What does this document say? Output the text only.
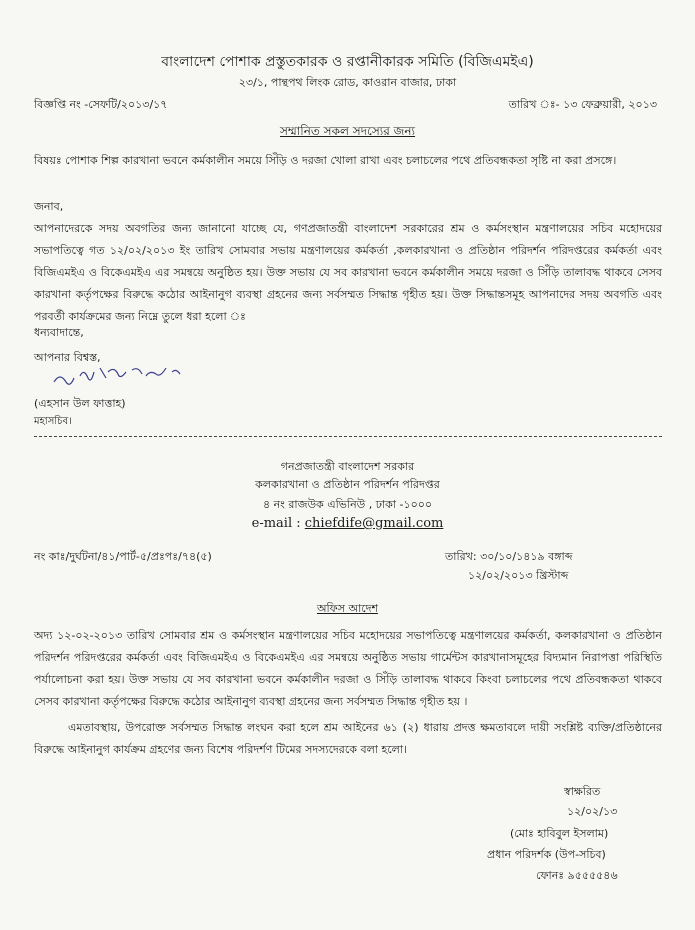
বাংলাদেশ পোশাক প্রস্তুতকারক ও রপ্তানীকারক সমিতি (বিজিএমইএ)
২৩/১, পান্থপথ লিংক রোড, কাওরান বাজার, ঢাকা
বিজ্ঞপ্তি নং -সেফটি/২০১৩/১৭	তারিখ ঃ- ১৩ ফেব্রুয়ারী, ২০১৩
সম্মানিত সকল সদস্যের জন্য
বিষয়ঃ পোশাক শিল্প কারখানা ভবনে কর্মকালীন সময়ে সিঁড়ি ও দরজা খোলা রাখা এবং চলাচলের পথে প্রতিবন্ধকতা সৃষ্টি না করা প্রসঙ্গে।
জনাব,
আপনাদেরকে সদয় অবগতির জন্য জানানো যাচ্ছে যে, গণপ্রজাতন্ত্রী বাংলাদেশ সরকারের শ্রম ও কর্মসংস্থান মন্ত্রণালয়ের সচিব মহোদয়ের সভাপতিত্বে গত ১২/০২/২০১৩ ইং তারিখ সোমবার সভায় মন্ত্রণালয়ের কর্মকর্তা ,কলকারখানা ও প্রতিষ্ঠান পরিদর্শন পরিদপ্তরের কর্মকর্তা এবং বিজিএমইএ ও বিকেএমইএ এর সমন্বয়ে অনুষ্ঠিত হয়। উক্ত সভায় যে সব কারখানা ভবনে কর্মকালীন সময়ে দরজা ও সিঁড়ি তালাবদ্ধ থাকবে সেসব কারখানা কর্তৃপক্ষের বিরুদ্ধে কঠোর আইনানুগ ব্যবস্থা গ্রহনের জন্য সর্বসম্মত সিদ্ধান্ত গৃহীত হয়। উক্ত সিদ্ধান্তসমূহ আপনাদের সদয় অবগতি এবং পরবর্তী কার্যক্রমের জন্য নিম্নে তুলে ধরা হলো ঃ
ধন্যবাদান্তে,
আপনার বিশ্বস্ত,
(এহসান উল ফাত্তাহ)
মহাসচিব।
গনপ্রজাতন্ত্রী বাংলাদেশ সরকার
কলকারখানা ও প্রতিষ্ঠান পরিদর্শন পরিদপ্তর
৪ নং রাজউক এভিনিউ , ঢাকা -১০০০
e-mail : chiefdife@gmail.com
নং কাঃ/দুর্ঘটনা/৪১/পার্ট-৫/প্রঃপঃ/৭৪(৫)	তারিখ: ৩০/১০/১৪১৯ বঙ্গাব্দ
১২/০২/২০১৩ খ্রিস্টাব্দ
অফিস আদেশ
অদ্য ১২-০২-২০১৩ তারিখ সোমবার শ্রম ও কর্মসংস্থান মন্ত্রণালয়ের সচিব মহোদয়ের সভাপতিত্বে মন্ত্রণালয়ের কর্মকর্তা, কলকারখানা ও প্রতিষ্ঠান পরিদর্শন পরিদপ্তরের কর্মকর্তা এবং বিজিএমইএ ও বিকেএমইএ এর সমন্বয়ে অনুষ্ঠিত সভায় গার্মেন্টস কারখানাসমূহের বিদ্যমান নিরাপত্তা পরিস্থিতি পর্যালোচনা করা হয়। উক্ত সভায় যে সব কারখানা ভবনে কর্মকালীন দরজা ও সিঁড়ি তালাবদ্ধ থাকবে কিংবা চলাচলের পথে প্রতিবন্ধকতা থাকবে সেসব কারখানা কর্তৃপক্ষের বিরুদ্ধে কঠোর আইনানুগ ব্যবস্থা গ্রহনের জন্য সর্বসম্মত সিদ্ধান্ত গৃহীত হয় ।
এমতাবস্থায়, উপরোক্ত সর্বসম্মত সিদ্ধান্ত লংঘন করা হলে শ্রম আইনের ৬১ (২) ধারায় প্রদত্ত ক্ষমতাবলে দায়ী সংশ্লিষ্ট ব্যক্তি/প্রতিষ্ঠানের বিরুদ্ধে আইনানুগ কার্যক্রম গ্রহণের জন্য বিশেষ পরিদর্শণ টিমের সদস্যদেরকে বলা হলো।
স্বাক্ষরিত
১২/০২/১৩
(মোঃ হাবিবুল ইসলাম)
প্রধান পরিদর্শক (উপ-সচিব)
ফোনঃ ৯৫৫৫৫৪৬
